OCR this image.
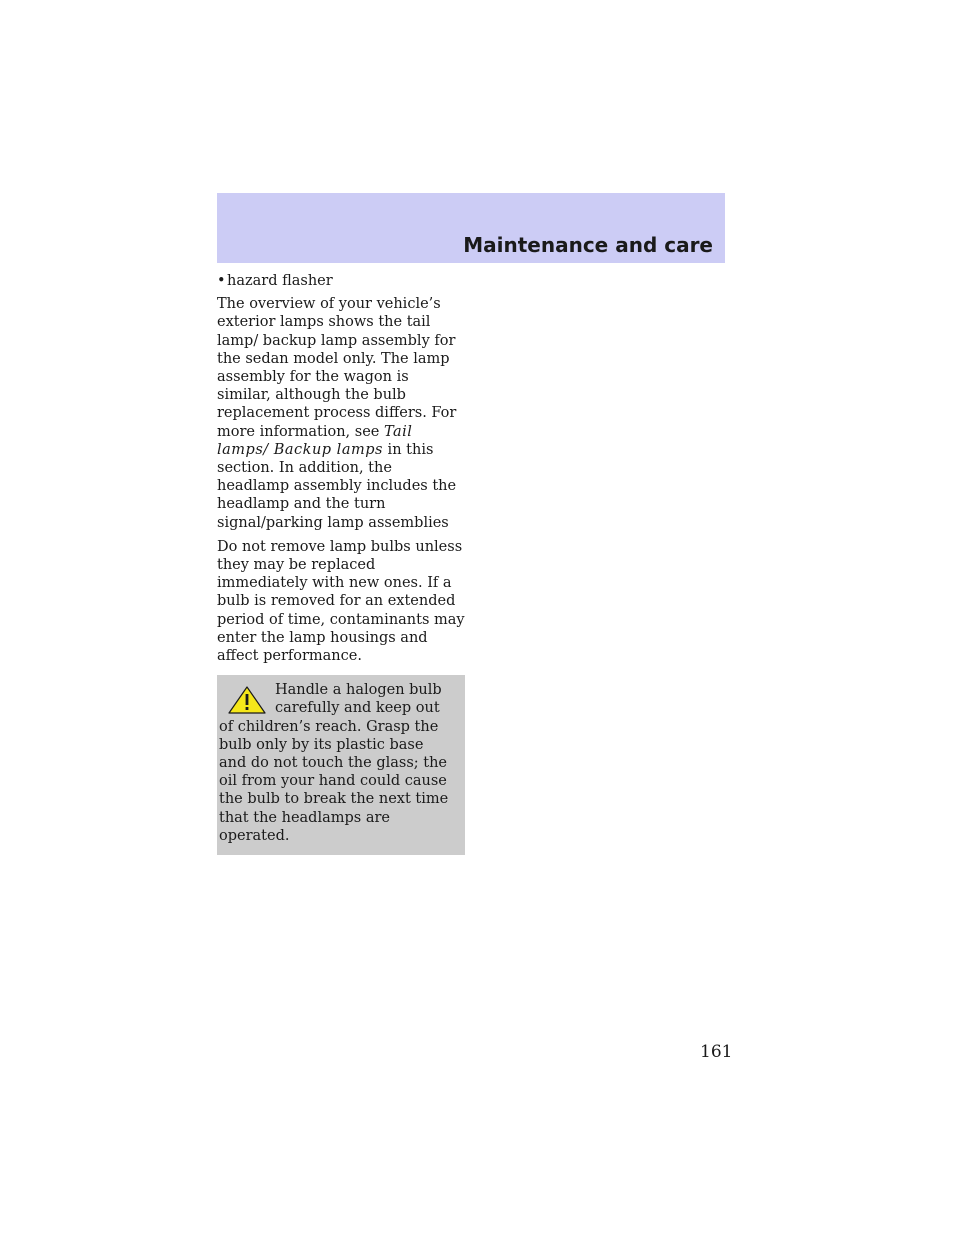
Maintenance and care
• hazard flasher

The overview of your vehicle’s exterior lamps shows the tail lamp/ backup lamp assembly for the sedan model only. The lamp assembly for the wagon is similar, although the bulb replacement process differs. For more information, see Tail lamps/ Backup lamps in this section. In addition, the headlamp assembly includes the headlamp and the turn signal/parking lamp assemblies

Do not remove lamp bulbs unless they may be replaced immediately with new ones. If a bulb is removed for an extended period of time, contaminants may enter the lamp housings and affect performance.

Handle a halogen bulb carefully and keep out of children’s reach. Grasp the bulb only by its plastic base and do not touch the glass; the oil from your hand could cause the bulb to break the next time that the headlamps are operated.

161
